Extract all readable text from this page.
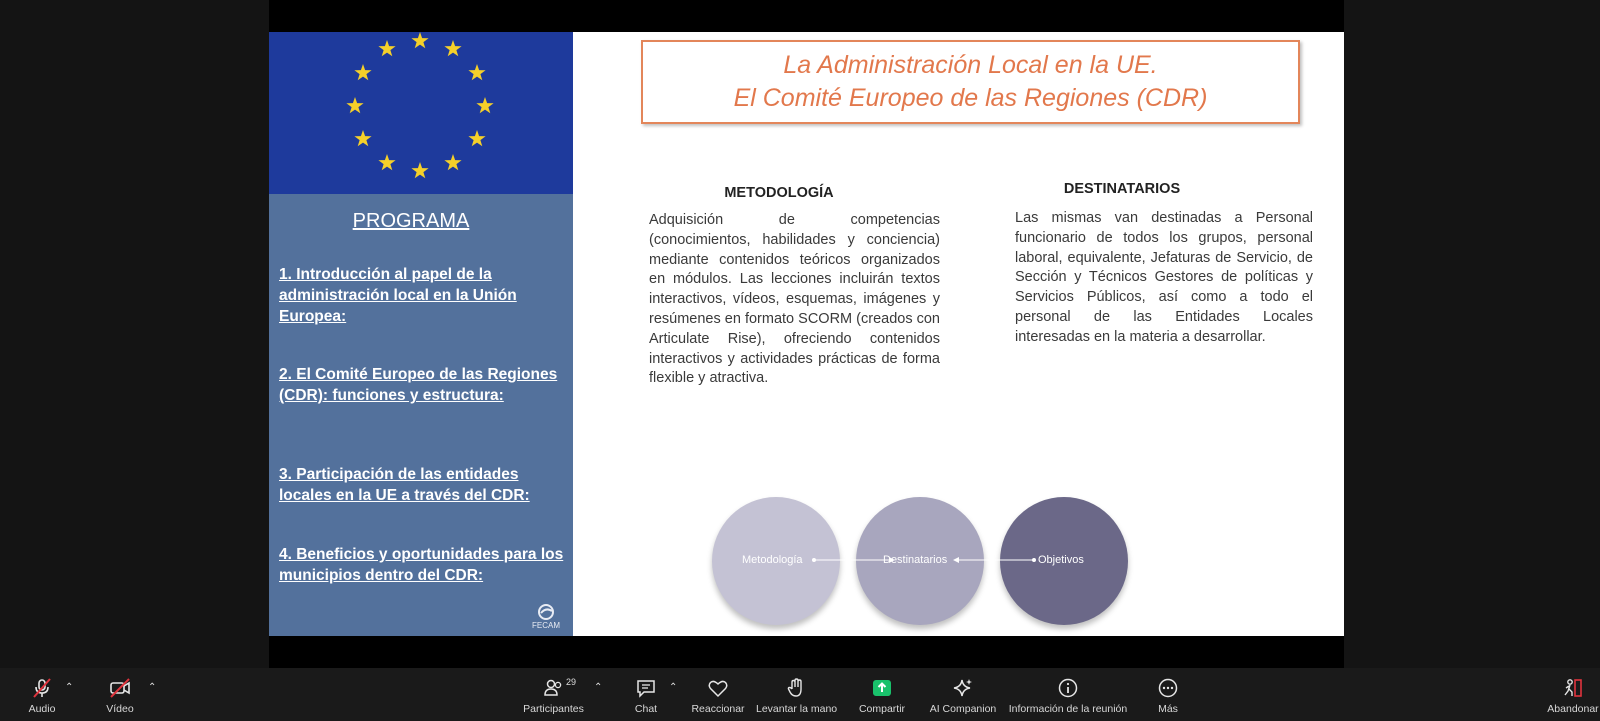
PROGRAMA
1. Introducción al papel de la administración local en la Unión Europea:
2. El Comité Europeo de las Regiones (CDR): funciones y estructura:
3. Participación de las entidades locales en la UE a través del CDR:
4. Beneficios y oportunidades para los municipios dentro del CDR:
FECAM
La Administración Local en la UE.
El Comité Europeo de las Regiones (CDR)
METODOLOGÍA
Adquisición de competencias (conocimientos, habilidades y conciencia) mediante contenidos teóricos organizados en módulos. Las lecciones incluirán textos interactivos, vídeos, esquemas, imágenes y resúmenes en formato SCORM (creados con Articulate Rise), ofreciendo contenidos interactivos y actividades prácticas de forma flexible y atractiva.
DESTINATARIOS
Las mismas van destinadas a Personal funcionario de todos los grupos, personal laboral, equivalente, Jefaturas de Servicio, de Sección y Técnicos Gestores de políticas y Servicios Públicos, así como a todo el personal de las Entidades Locales interesadas en la materia a desarrollar.
Metodología	Destinatarios	Objetivos
Audio
⌃
Vídeo
⌃	29
Participantes
⌃
Chat
⌃
Reaccionar Levantar la mano Compartir AI Companion Información de la reunión	Más	Abandonar
